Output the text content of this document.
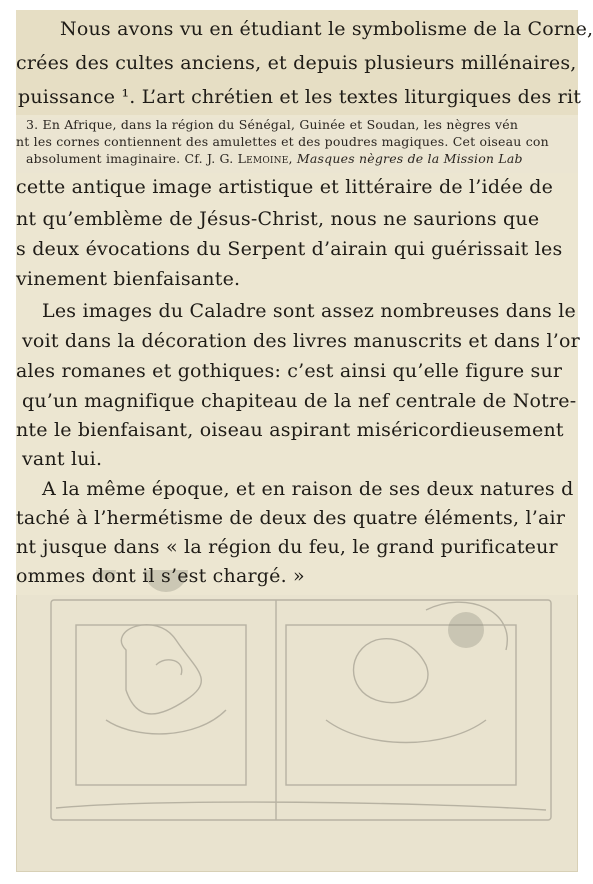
Nous avons vu en étudiant le symbolisme de la Corne,
crées des cultes anciens, et depuis plusieurs millénaires,
puissance ¹. L’art chrétien et les textes liturgiques des rit
3. En Afrique, dans la région du Sénégal, Guinée et Soudan, les nègres vén
nt les cornes contiennent des amulettes et des poudres magiques. Cet oiseau con
absolument imaginaire. Cf. J. G. Lemoine, Masques nègres de la Mission Lab
cette antique image artistique et littéraire de l’idée de
nt qu’emblème de Jésus-Christ, nous ne saurions que
s deux évocations du Serpent d’airain qui guérissait les
vinement bienfaisante.
Les images du Caladre sont assez nombreuses dans le
voit dans la décoration des livres manuscrits et dans l’or
ales romanes et gothiques: c’est ainsi qu’elle figure sur
qu’un magnifique chapiteau de la nef centrale de Notre-
nte le bienfaisant, oiseau aspirant miséricordieusement
vant lui.
A la même époque, et en raison de ses deux natures d
taché à l’hermétisme de deux des quatre éléments, l’air
nt jusque dans « la région du feu, le grand purificateur
ommes dont il s’est chargé. »
